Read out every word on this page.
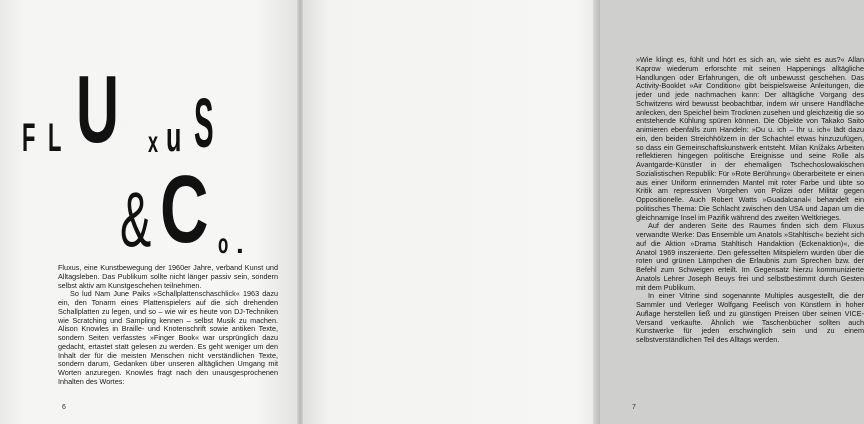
F L U x u S
& C o .

Fluxus, eine Kunstbewegung der 1960er Jahre, verband Kunst und Alltagsleben. Das Publikum sollte nicht länger passiv sein, sondern selbst aktiv am Kunstgeschehen teilnehmen.

So lud Nam June Paiks »Schallplattenschaschlick« 1963 dazu ein, den Tonarm eines Plattenspielers auf die sich drehenden Schallplatten zu legen, und so – wie wir es heute von DJ-Techniken wie Scratching und Sampling kennen – selbst Musik zu machen. Alison Knowles in Braille- und Knotenschrift sowie antiken Texte, sondern Seiten verfasstes »Finger Book« war ursprünglich dazu gedacht, ertastet statt gelesen zu werden. Es geht weniger um den Inhalt der für die meisten Menschen nicht verständlichen Texte, sondern darum, Gedanken über unseren alltäglichen Umgang mit Worten anzuregen. Knowles fragt nach den unausgesprochenen Inhalten des Wortes:

6

»Wie klingt es, fühlt und hört es sich an, wie sieht es aus?« Allan Kaprow wiederum erforschte mit seinen Happenings alltägliche Handlungen oder Erfahrungen, die oft unbewusst geschehen. Das Activity-Booklet »Air Condition« gibt beispielsweise Anleitungen, die jeder und jede nachmachen kann: Der alltägliche Vorgang des Schwitzens wird bewusst beobachtbar, indem wir unsere Handfläche anlecken, den Speichel beim Trocknen zusehen und gleichzeitig die so entstehende Kühlung spüren können. Die Objekte von Takako Saito animieren ebenfalls zum Handeln: »Du u. ich – Ihr u. ich« lädt dazu ein, den beiden Streichhölzern in der Schachtel etwas hinzuzufügen, so dass ein Gemeinschaftskunstwerk entsteht. Milan Knížaks Arbeiten reflektieren hingegen politische Ereignisse und seine Rolle als Avantgarde-Künstler in der ehemaligen Tschechoslowakischen Sozialistischen Republik: Für »Rote Berührung« überarbeitete er einen aus einer Uniform erinnernden Mantel mit roter Farbe und übte so Kritik am repressiven Vorgehen von Polizei oder Militär gegen Oppositionelle. Auch Robert Watts »Guadalcanal« behandelt ein politisches Thema: Die Schlacht zwischen den USA und Japan um die gleichnamige Insel im Pazifik während des zweiten Weltkrieges.

Auf der anderen Seite des Raumes finden sich dem Fluxus verwandte Werke: Das Ensemble um Anatols »Stahltisch« bezieht sich auf die Aktion »Drama Stahltisch Handaktion (Eckenaktion)«, die Anatol 1969 inszenierte. Den gefesselten Mitspielern wurden über die roten und grünen Lämpchen die Erlaubnis zum Sprechen bzw. der Befehl zum Schweigen erteilt. Im Gegensatz hierzu kommunizierte Anatols Lehrer Joseph Beuys frei und selbstbestimmt durch Gesten mit dem Publikum.

In einer Vitrine sind sogenannte Multiples ausgestellt, die der Sammler und Verleger Wolfgang Feelisch von Künstlern in hoher Auflage herstellen ließ und zu günstigen Preisen über seinen VICE-Versand verkaufte. Ähnlich wie Taschenbücher sollten auch Kunstwerke für jeden erschwinglich sein und zu einem selbstverständlichen Teil des Alltags werden.

7
